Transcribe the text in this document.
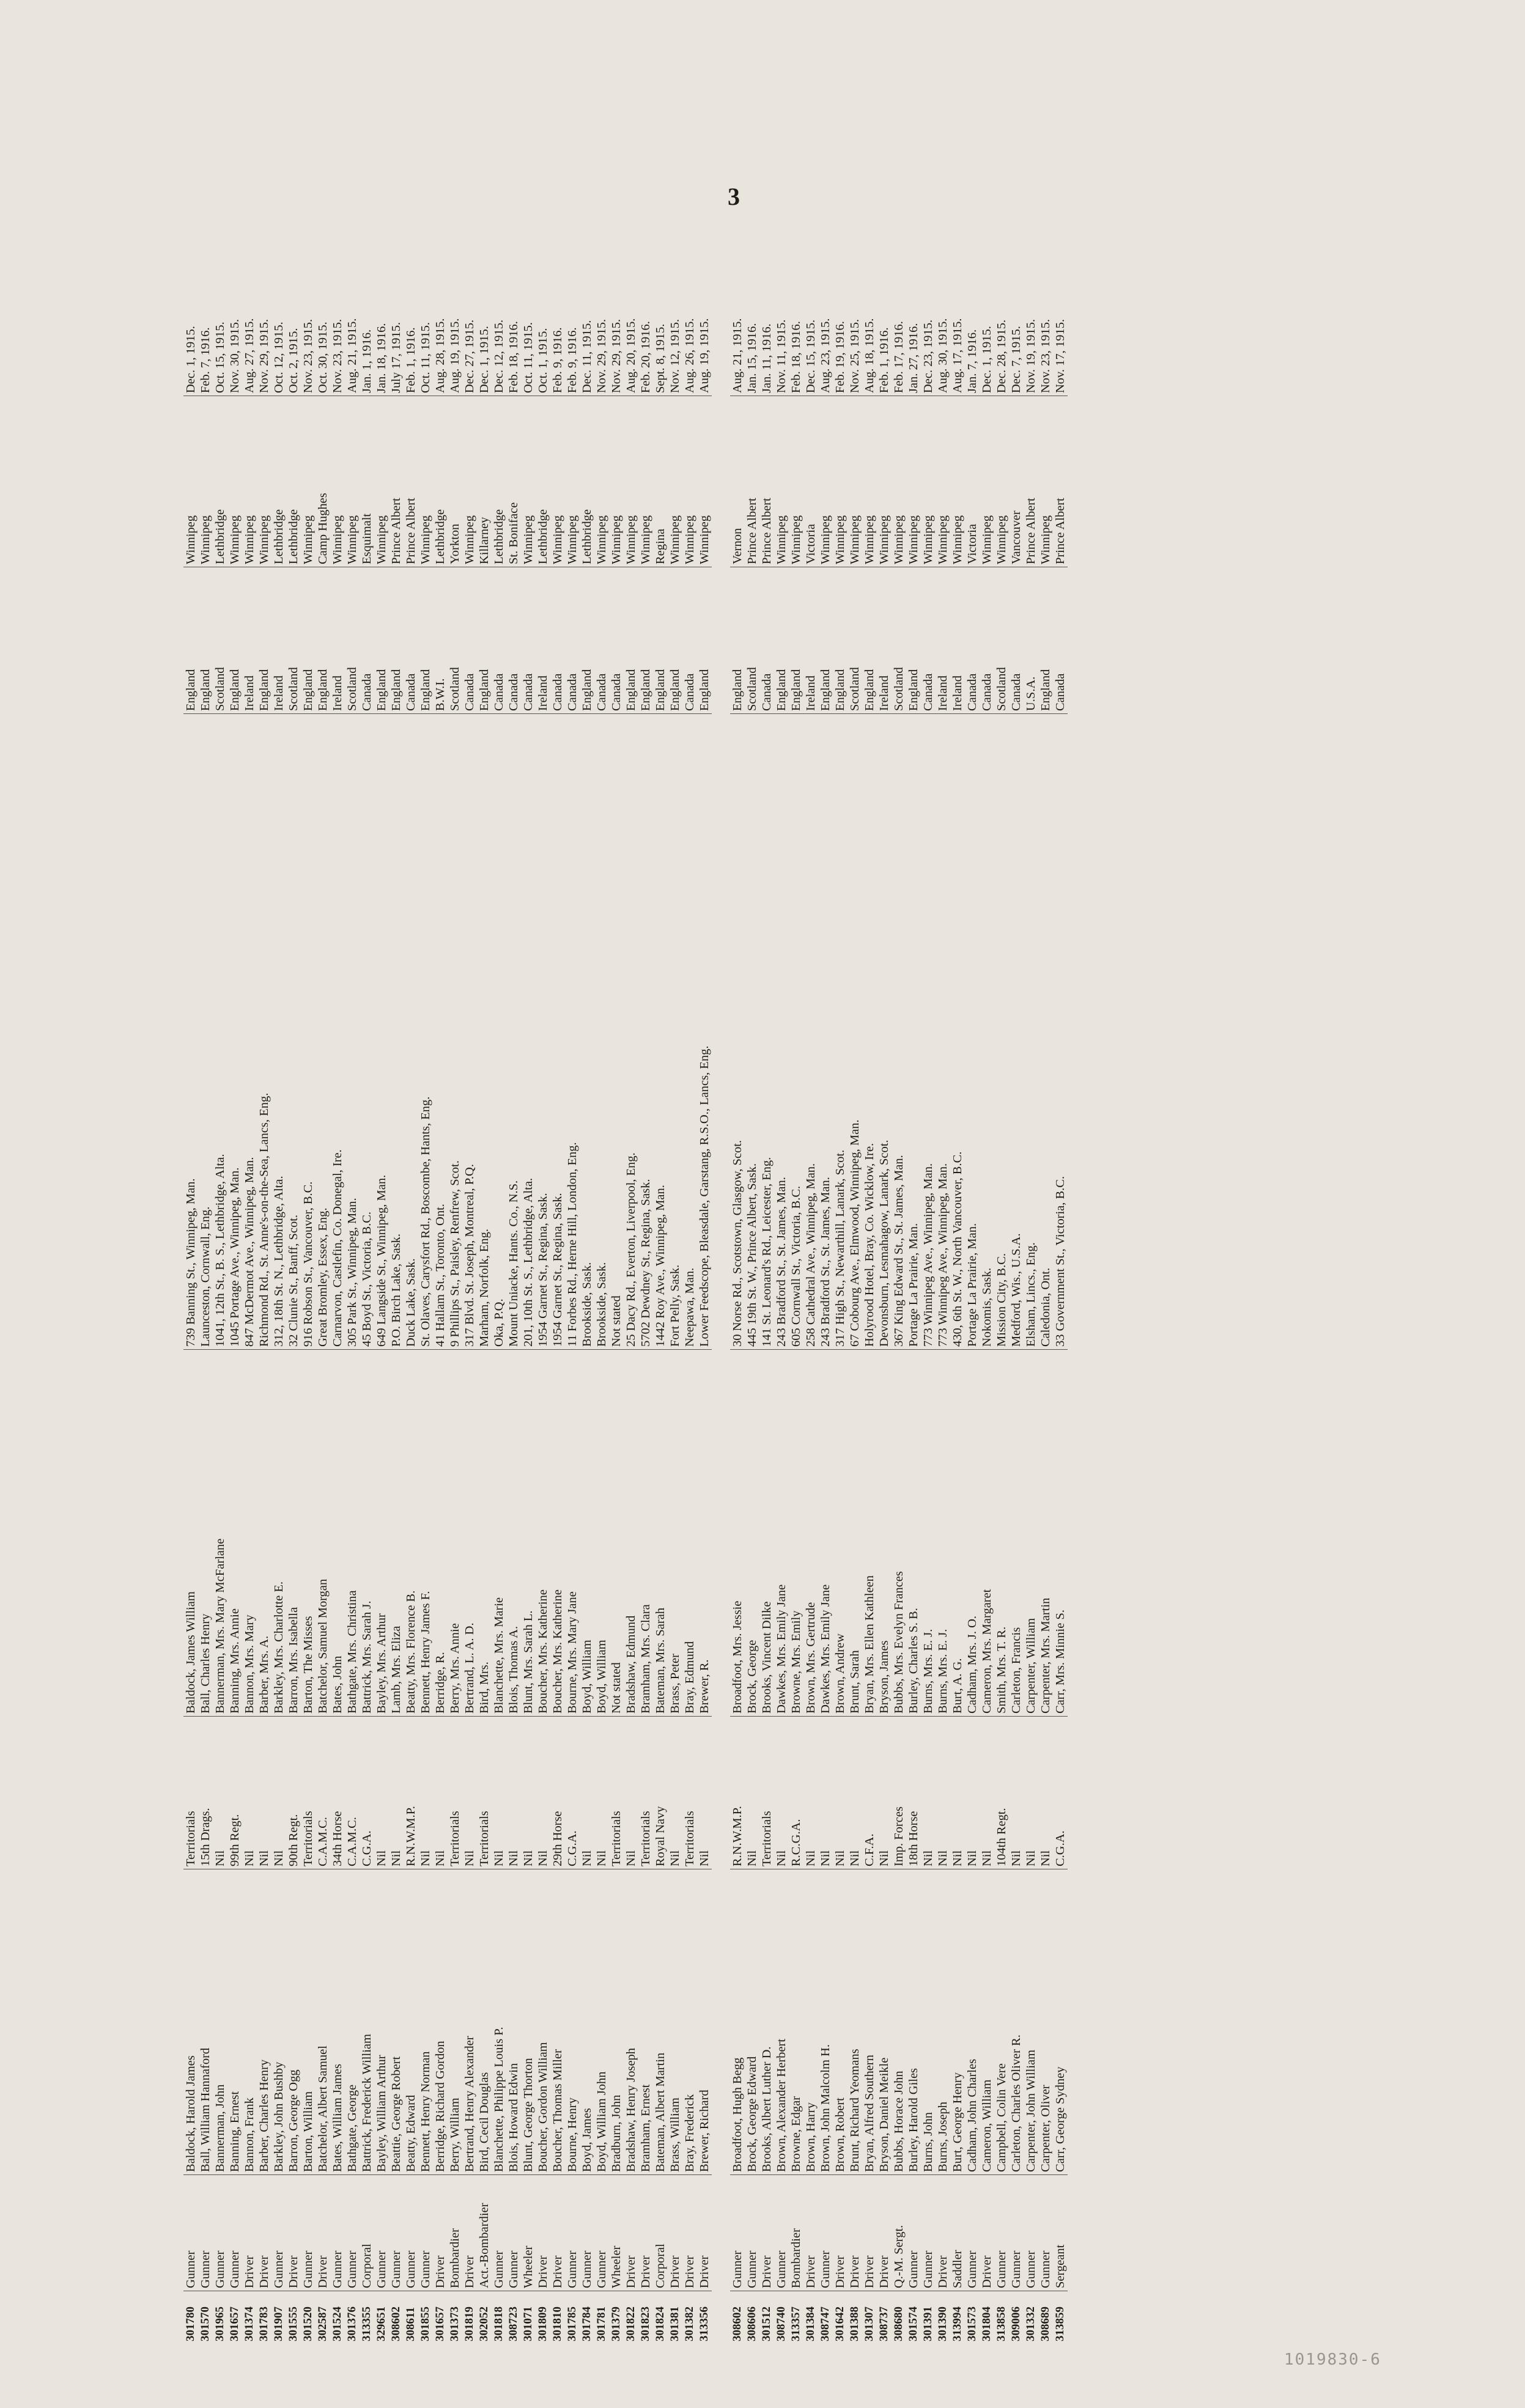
3
301780
Gunner
Baldock, Harold James
Territorials
Baldock, James William
739 Banning St., Winnipeg, Man.
England
Winnipeg
Dec. 1, 1915.
301570
Gunner
Ball, William Hannaford
15th Drags.
Ball, Charles Henry
Launceston, Cornwall, Eng.
England
Winnipeg
Feb. 7, 1916.
301965
Gunner
Bannerman, John
Nil
Bannerman, Mrs. Mary McFarlane
1041, 12th St., B. S., Lethbridge, Alta.
Scotland
Lethbridge
Oct. 15, 1915.
301657
Gunner
Banning, Ernest
99th Regt.
Banning, Mrs. Annie
1045 Portage Ave., Winnipeg, Man.
England
Winnipeg
Nov. 30, 1915.
301374
Driver
Bannon, Frank
Nil
Bannon, Mrs. Mary
847 McDermot Ave., Winnipeg, Man.
Ireland
Winnipeg
Aug. 27, 1915.
301783
Driver
Barber, Charles Henry
Nil
Barber, Mrs. A.
Richmond Rd., St. Anne's-on-the-Sea, Lancs, Eng.
England
Winnipeg
Nov. 29, 1915.
301907
Gunner
Barkley, John Bushby
Nil
Barkley, Mrs. Charlotte E.
312, 18th St. N., Lethbridge, Alta.
Ireland
Lethbridge
Oct. 12, 1915.
301555
Driver
Barron, George Ogg
90th Regt.
Barron, Mrs. Isabella
32 Clunie St., Banff, Scot.
Scotland
Lethbridge
Oct. 2, 1915.
301520
Gunner
Barton, William
Territorials
Barton, The Misses
916 Robson St., Vancouver, B.C.
England
Winnipeg
Nov. 23, 1915.
302587
Driver
Batchelor, Albert Samuel
C.A.M.C.
Batchelor, Samuel Morgan
Great Bromley, Essex, Eng.
England
Camp Hughes
Oct. 30, 1915.
301524
Gunner
Bates, William James
34th Horse
Bates, John
Carnarvon, Castlefin, Co. Donegal, Ire.
Ireland
Winnipeg
Nov. 23, 1915.
301376
Gunner
Bathgate, George
C.A.M.C.
Bathgate, Mrs. Christina
305 Park St., Winnipeg, Man.
Scotland
Winnipeg
Aug. 21, 1915.
313355
Corporal
Battrick, Frederick William
C.G.A.
Battrick, Mrs. Sarah J.
45 Boyd St., Victoria, B.C.
Canada
Esquimalt
Jan. 1, 1916.
329651
Gunner
Bayley, William Arthur
Nil
Bayley, Mrs. Arthur
649 Langside St., Winnipeg, Man.
England
Winnipeg
Jan. 18, 1916.
308602
Gunner
Beattie, George Robert
Nil
Lamb, Mrs. Eliza
P.O. Birch Lake, Sask.
England
Prince Albert
July 17, 1915.
308611
Gunner
Beatty, Edward
R.N.W.M.P.
Beatty, Mrs. Florence B.
Duck Lake, Sask.
Canada
Prince Albert
Feb. 1, 1916.
301855
Gunner
Bennett, Henry Norman
Nil
Bennett, Henry James F.
St. Olaves, Carysfort Rd., Boscombe, Hants, Eng.
England
Winnipeg
Oct. 11, 1915.
301657
Driver
Berridge, Richard Gordon
Nil
Berridge, R.
41 Hallam St., Toronto, Ont.
B.W.I.
Lethbridge
Aug. 28, 1915.
301373
Bombardier
Berry, William
Territorials
Berry, Mrs. Annie
9 Phillips St., Paisley, Renfrew, Scot.
Scotland
Yorkton
Aug. 19, 1915.
301819
Driver
Bertrand, Henry Alexander
Nil
Bertrand, L. A. D.
317 Blvd. St. Joseph, Montreal, P.Q.
Canada
Winnipeg
Dec. 27, 1915.
302052
Act.-Bombardier
Bird, Cecil Douglas
Territorials
Bird, Mrs.
Marham, Norfolk, Eng.
England
Killarney
Dec. 1, 1915.
301818
Gunner
Blanchette, Philippe Louis P.
Nil
Blanchette, Mrs. Marie
Oka, P.Q.
Canada
Lethbridge
Dec. 12, 1915.
308723
Gunner
Blois, Howard Edwin
Nil
Blois, Thomas A.
Mount Uniacke, Hants. Co., N.S.
Canada
St. Boniface
Feb. 18, 1916.
301071
Wheeler
Blunt, George Thorton
Nil
Blunt, Mrs. Sarah L.
201, 10th St. S., Lethbridge, Alta.
Canada
Winnipeg
Oct. 11, 1915.
301809
Driver
Boucher, Gordon William
Nil
Boucher, Mrs. Katherine
1954 Garnet St., Regina, Sask.
Ireland
Lethbridge
Oct. 1, 1915.
301810
Driver
Boucher, Thomas Miller
29th Horse
Boucher, Mrs. Katherine
1954 Garnet St., Regina, Sask.
Canada
Winnipeg
Feb. 9, 1916.
301785
Gunner
Bourne, Henry
C.G.A.
Bourne, Mrs. Mary Jane
11 Forbes Rd., Herne Hill, London, Eng.
Canada
Winnipeg
Feb. 9, 1916.
301784
Gunner
Boyd, James
Nil
Boyd, William
Brookside, Sask.
England
Lethbridge
Dec. 11, 1915.
301781
Gunner
Boyd, William John
Nil
Boyd, William
Brookside, Sask.
Canada
Winnipeg
Nov. 29, 1915.
301379
Wheeler
Bradburn, John
Territorials
Not stated
Not stated
Canada
Winnipeg
Nov. 29, 1915.
301822
Driver
Bradshaw, Henry Joseph
Nil
Bradshaw, Edmund
25 Dacy Rd., Everton, Liverpool, Eng.
England
Winnipeg
Aug. 20, 1915.
301823
Driver
Bramham, Ernest
Territorials
Bramham, Mrs. Clara
5702 Dewdney St., Regina, Sask.
England
Winnipeg
Feb. 20, 1916.
301824
Corporal
Bateman, Albert Martin
Royal Navy
Bateman, Mrs. Sarah
1442 Roy Ave., Winnipeg, Man.
England
Regina
Sept. 8, 1915.
301381
Driver
Brass, William
Nil
Brass, Peter
Fort Pelly, Sask.
England
Winnipeg
Nov. 12, 1915.
301382
Driver
Bray, Frederick
Territorials
Bray, Edmund
Neepawa, Man.
Canada
Winnipeg
Aug. 26, 1915.
313356
Driver
Brewer, Richard
Nil
Brewer, R.
Lower Feedscope, Bleasdale, Garstang, R.S.O., Lancs, Eng.
England
Winnipeg
Aug. 19, 1915.
308602
Gunner
Broadfoot, Hugh Begg
R.N.W.M.P.
Broadfoot, Mrs. Jessie
30 Norse Rd., Scotstown, Glasgow, Scot.
England
Vernon
Aug. 21, 1915.
308606
Gunner
Brock, George Edward
Nil
Brock, George
445 19th St. W., Prince Albert, Sask.
Scotland
Prince Albert
Jan. 15, 1916.
301512
Driver
Brooks, Albert Luther D.
Territorials
Brooks, Vincent Dilke
141 St. Leonard's Rd., Leicester, Eng.
Canada
Prince Albert
Jan. 11, 1916.
308740
Gunner
Brown, Alexander Herbert
Nil
Dawkes, Mrs. Emily Jane
243 Bradford St., St. James, Man.
England
Winnipeg
Nov. 11, 1915.
313357
Bombardier
Browne, Edgar
R.C.G.A.
Browne, Mrs. Emily
605 Cornwall St., Victoria, B.C.
England
Winnipeg
Feb. 18, 1916.
301384
Driver
Brown, Harry
Nil
Brown, Mrs. Gertrude
258 Cathedral Ave., Winnipeg, Man.
Ireland
Victoria
Dec. 15, 1915.
308747
Gunner
Brown, John Malcolm H.
Nil
Dawkes, Mrs. Emily Jane
243 Bradford St., St. James, Man.
England
Winnipeg
Aug. 23, 1915.
301642
Driver
Brown, Robert
Nil
Brown, Andrew
317 High St., Newarthill, Lanark, Scot.
England
Winnipeg
Feb. 19, 1916.
301388
Driver
Brunt, Richard Yeomans
Nil
Brunt, Sarah
67 Cobourg Ave., Elmwood, Winnipeg, Man.
Scotland
Winnipeg
Nov. 25, 1915.
301307
Driver
Bryan, Alfred Southern
C.F.A.
Bryan, Mrs. Ellen Kathleen
Holyrood Hotel, Bray, Co. Wicklow, Ire.
England
Winnipeg
Aug. 18, 1915.
308737
Driver
Bryson, Daniel Meikle
Nil
Bryson, James
Devonsburn, Lesmahagow, Lanark, Scot.
Ireland
Winnipeg
Feb. 1, 1916.
308680
Q.-M. Sergt.
Bubbs, Horace John
Imp. Forces
Bubbs, Mrs. Evelyn Frances
367 King Edward St., St. James, Man.
Scotland
Winnipeg
Feb. 17, 1916.
301574
Gunner
Burley, Harold Giles
18th Horse
Burley, Charles S. B.
Portage La Prairie, Man.
England
Winnipeg
Jan. 27, 1916.
301391
Gunner
Burns, John
Nil
Burns, Mrs. E. J.
773 Winnipeg Ave., Winnipeg, Man.
Canada
Winnipeg
Dec. 23, 1915.
301390
Driver
Burns, Joseph
Nil
Burns, Mrs. E. J.
773 Winnipeg Ave., Winnipeg, Man.
Ireland
Winnipeg
Aug. 30, 1915.
313994
Saddler
Burt, George Henry
Nil
Burt, A. G.
430, 6th St. W., North Vancouver, B.C.
Ireland
Winnipeg
Aug. 17, 1915.
301573
Gunner
Cadham, John Charles
Nil
Cadham, Mrs. J. O.
Portage La Prairie, Man.
Canada
Victoria
Jan. 7, 1916.
301804
Driver
Cameron, William
Nil
Cameron, Mrs. Margaret
Nokomis, Sask.
Canada
Winnipeg
Dec. 1, 1915.
313858
Gunner
Campbell, Colin Vere
104th Regt.
Smith, Mrs. T. R.
Mission City, B.C.
Scotland
Winnipeg
Dec. 28, 1915.
309006
Gunner
Carleton, Charles Oliver R.
Nil
Carleton, Francis
Medford, Wis., U.S.A.
Canada
Vancouver
Dec. 7, 1915.
301332
Gunner
Carpenter, John William
Nil
Carpenter, William
Elsham, Lincs., Eng.
U.S.A.
Prince Albert
Nov. 19, 1915.
308689
Gunner
Carpenter, Oliver
Nil
Carpenter, Mrs. Martin
Caledonia, Ont.
England
Winnipeg
Nov. 23, 1915.
313859
Sergeant
Carr, George Sydney
C.G.A.
Carr, Mrs. Minnie S.
33 Government St., Victoria, B.C.
Canada
Prince Albert
Nov. 17, 1915.
1019830-6
